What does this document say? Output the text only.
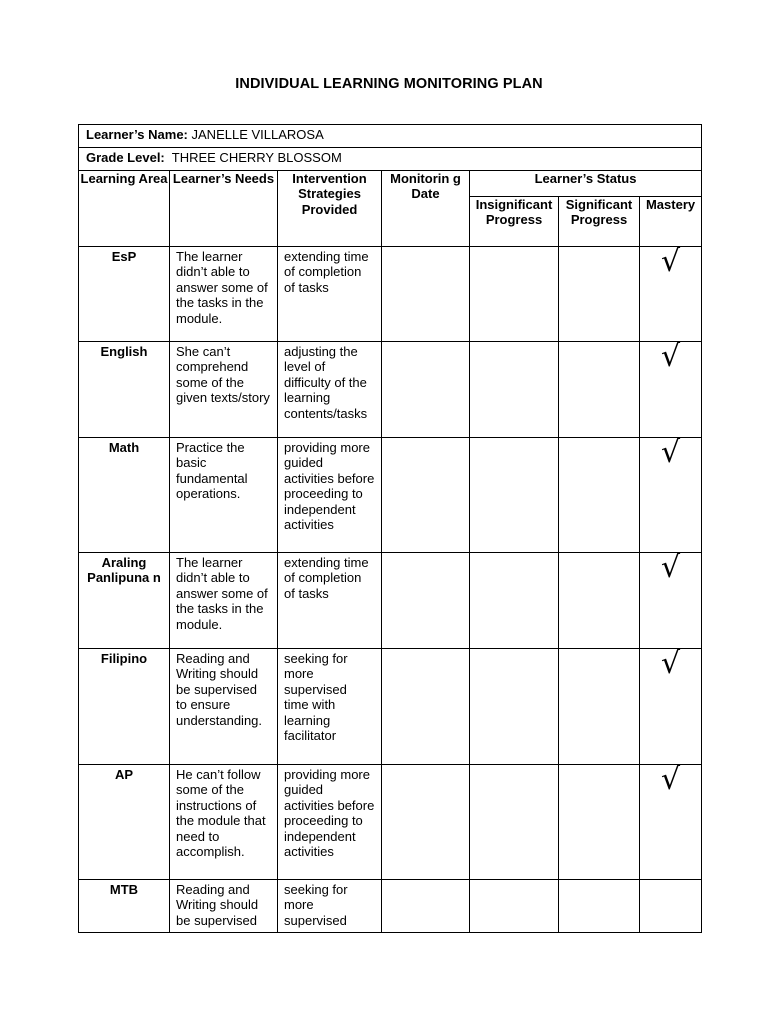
INDIVIDUAL LEARNING MONITORING PLAN
Learner’s Name: JANELLE VILLAROSA						
Grade Level: THREE CHERRY BLOSSOM						
Learning Area	Learner’s Needs	Intervention Strategies Provided	Monitorin g Date	Learner’s Status		
				Insignificant Progress	Significant Progress	Mastery
EsP	The learner didn’t able to answer some of the tasks in the module.	extending time of completion of tasks				√
English	She can’t comprehend some of the given texts/story	adjusting the level of difficulty of the learning contents/tasks				√
Math	Practice the basic fundamental operations.	providing more guided activities before proceeding to independent activities				√
Araling Panlipuna n	The learner didn’t able to answer some of the tasks in the module.	extending time of completion of tasks				√
Filipino	Reading and Writing should be supervised to ensure understanding.	seeking for more supervised time with learning facilitator				√
AP	He can’t follow some of the instructions of the module that need to accomplish.	providing more guided activities before proceeding to independent activities				√
MTB	Reading and Writing should be supervised	seeking for more supervised				
